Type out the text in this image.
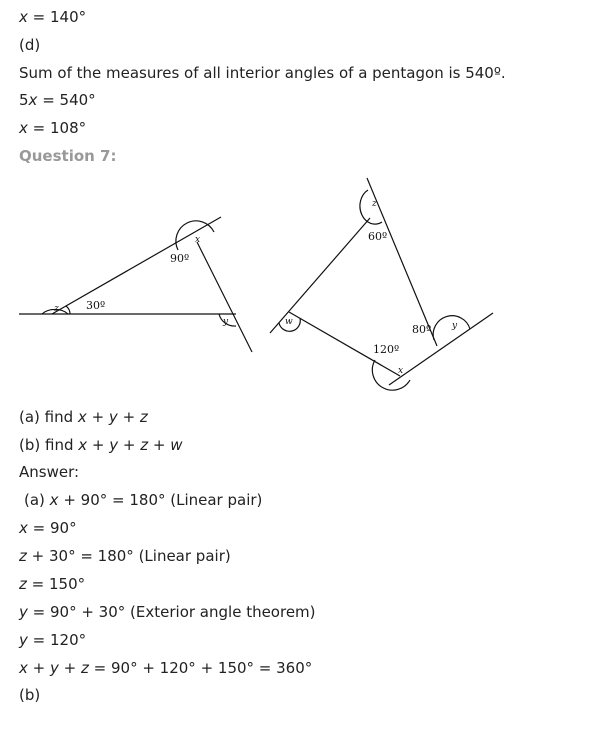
x = 140°
(d)
Sum of the measures of all interior angles of a pentagon is 540º.
5x = 540°
x = 108°
Question 7:
90º
30º
x
y
z
60º
80º
120º
z
y
x
w
(a) find x + y + z
(b) find x + y + z + w
Answer:
(a) x + 90° = 180° (Linear pair)
x = 90°
z + 30° = 180° (Linear pair)
z = 150°
y = 90° + 30° (Exterior angle theorem)
y = 120°
x + y + z = 90° + 120° + 150° = 360°
(b)
